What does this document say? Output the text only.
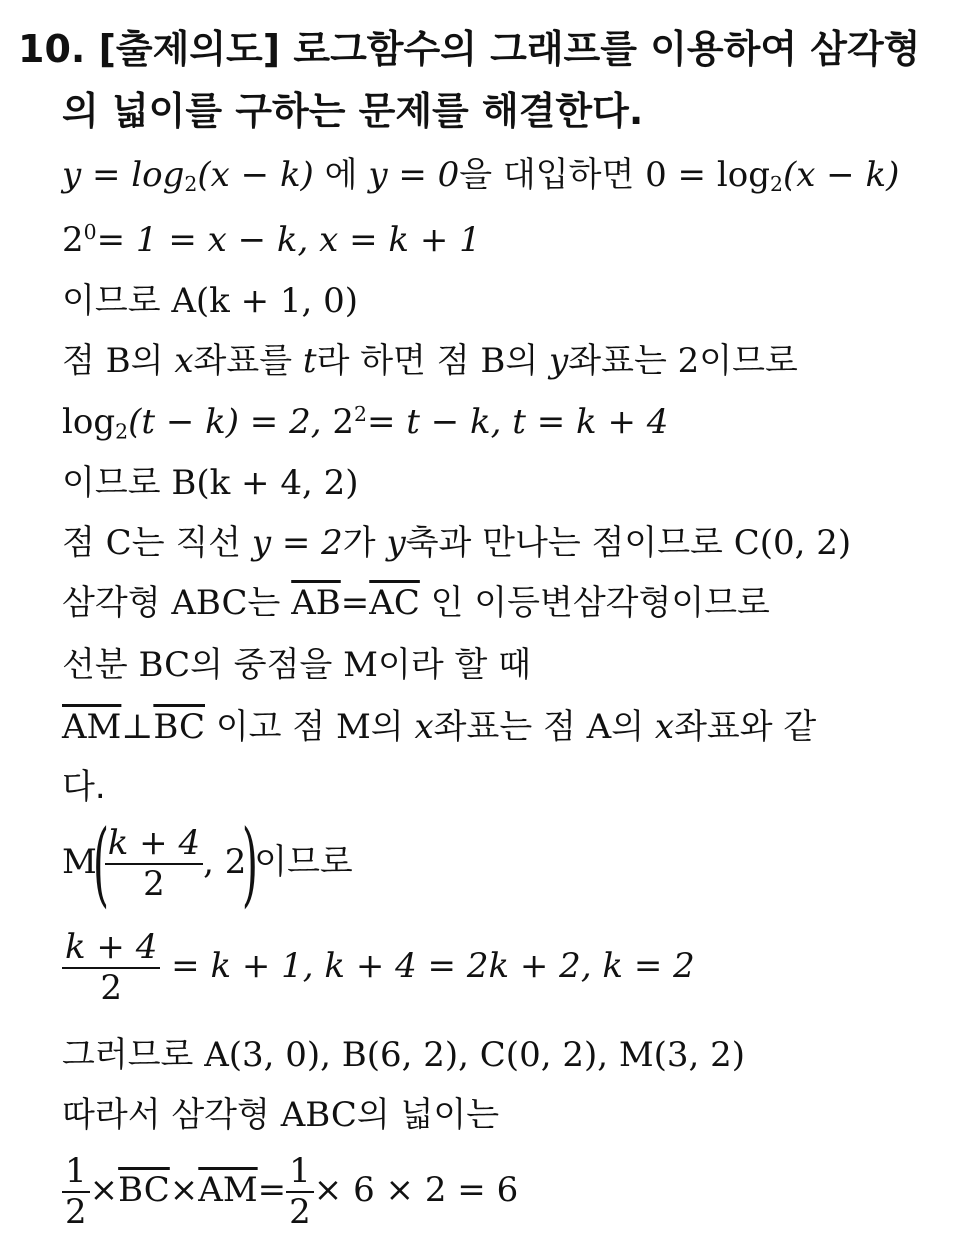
10. [출제의도] 로그함수의 그래프를 이용하여 삼각형
의 넓이를 구하는 문제를 해결한다.
$y = \log_2(x - k)$ 에 y = 0을 대입하면 $0 = \log_2(x - k)$
$2^0= 1 = x - k$, x = k + 1
이므로 A(k + 1, 0)
점 B의 x좌표를 t라 하면 점 B의 y좌표는 2이므로
$\log_2(t - k) = 2$, $2^2= t - k$, t = k + 4
이므로 B(k + 4, 2)
점 C는 직선 y = 2가 y축과 만나는 점이므로 C(0, 2)
삼각형 ABC는 $\overline{AB}=\overline{AC}$ 인 이등변삼각형이므로
선분 BC의 중점을 M이라 할 때
$\overline{AM}\perp\overline{BC}$ 이고 점 M의 x좌표는 점 A의 x좌표와 같
다.
M(
$\frac{k + 4}{2}$ , 2)이므로
$\frac{k + 4}{2} = k + 1$, k + 4 = 2k + 2, k = 2
그러므로 A(3, 0), B(6, 2), C(0, 2), M(3, 2)
따라서 삼각형 ABC의 넓이는
$\frac{1}{2} \times\overline{BC}\times\overline{AM}= \frac{1}{2} \times 6 \times 2 = 6$
